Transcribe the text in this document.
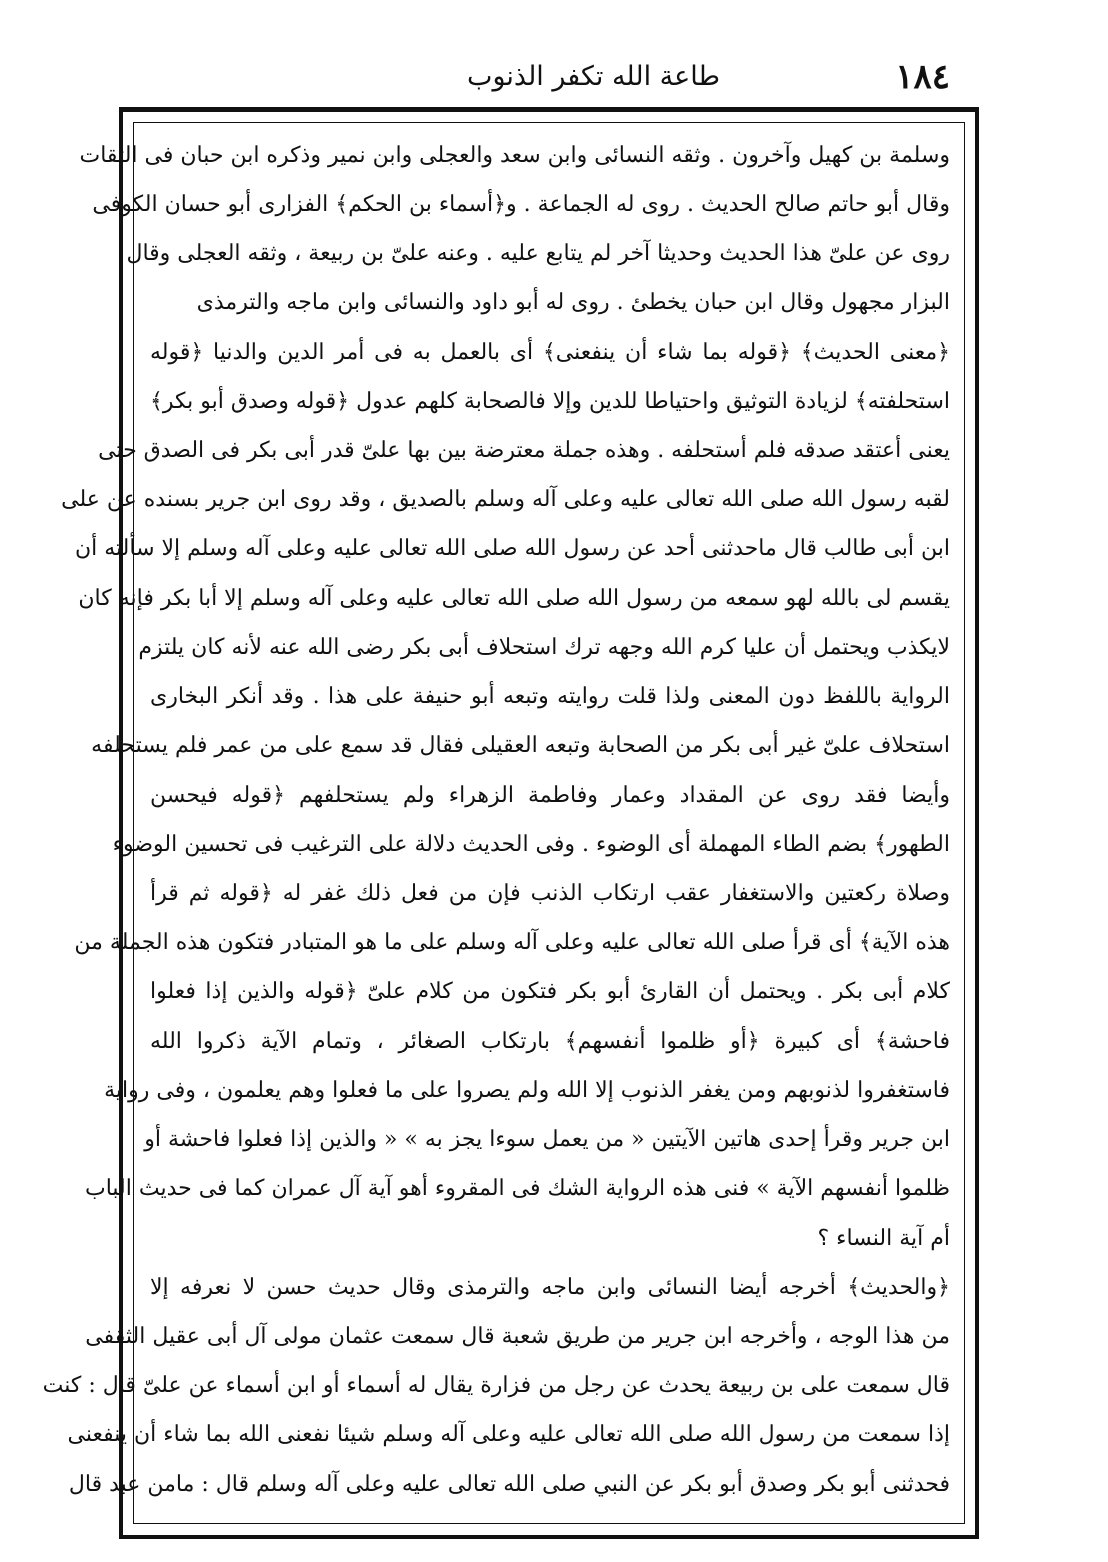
١٨٤
طاعة الله تكفر الذنوب
وسلمة بن كهيل وآخرون . وثقه النسائى وابن سعد والعجلى وابن نمير وذكره ابن حبان فى الثقات
وقال أبو حاتم صالح الحديث . روى له الجماعة . و﴿أسماء بن الحكم﴾ الفزارى أبو حسان الكوفى
روى عن علىّ هذا الحديث وحديثا آخر لم يتابع عليه . وعنه علىّ بن ربيعة ، وثقه العجلى وقال
البزار مجهول وقال ابن حبان يخطئ . روى له أبو داود والنسائى وابن ماجه والترمذى
﴿معنى الحديث﴾ ﴿قوله بما شاء أن ينفعنى﴾ أى بالعمل به فى أمر الدين والدنيا ﴿قوله
استحلفته﴾ لزيادة التوثيق واحتياطا للدين وإلا فالصحابة كلهم عدول ﴿قوله وصدق أبو بكر﴾
يعنى أعتقد صدقه فلم أستحلفه . وهذه جملة معترضة بين بها علىّ قدر أبى بكر فى الصدق حتى
لقبه رسول الله صلى الله تعالى عليه وعلى آله وسلم بالصديق ، وقد روى ابن جرير بسنده عن على
ابن أبى طالب قال ماحدثنى أحد عن رسول الله صلى الله تعالى عليه وعلى آله وسلم إلا سألته أن
يقسم لى بالله لهو سمعه من رسول الله صلى الله تعالى عليه وعلى آله وسلم إلا أبا بكر فإنه كان
لايكذب ويحتمل أن عليا كرم الله وجهه ترك استحلاف أبى بكر رضى الله عنه لأنه كان يلتزم
الرواية باللفظ دون المعنى ولذا قلت روايته وتبعه أبو حنيفة على هذا . وقد أنكر البخارى
استحلاف علىّ غير أبى بكر من الصحابة وتبعه العقيلى فقال قد سمع على من عمر فلم يستحلفه
وأيضا فقد روى عن المقداد وعمار وفاطمة الزهراء ولم يستحلفهم ﴿قوله فيحسن
الطهور﴾ بضم الطاء المهملة أى الوضوء . وفى الحديث دلالة على الترغيب فى تحسين الوضوء
وصلاة ركعتين والاستغفار عقب ارتكاب الذنب فإن من فعل ذلك غفر له ﴿قوله ثم قرأ
هذه الآية﴾ أى قرأ صلى الله تعالى عليه وعلى آله وسلم على ما هو المتبادر فتكون هذه الجملة من
كلام أبى بكر . ويحتمل أن القارئ أبو بكر فتكون من كلام علىّ ﴿قوله والذين إذا فعلوا
فاحشة﴾ أى كبيرة ﴿أو ظلموا أنفسهم﴾ بارتكاب الصغائر ، وتمام الآية ذكروا الله
فاستغفروا لذنوبهم ومن يغفر الذنوب إلا الله ولم يصروا على ما فعلوا وهم يعلمون ، وفى رواية
ابن جرير وقرأ إحدى هاتين الآيتين « من يعمل سوءا يجز به » « والذين إذا فعلوا فاحشة أو
ظلموا أنفسهم الآية » فنى هذه الرواية الشك فى المقروء أهو آية آل عمران كما فى حديث الباب
أم آية النساء ؟
﴿والحديث﴾ أخرجه أيضا النسائى وابن ماجه والترمذى وقال حديث حسن لا نعرفه إلا
من هذا الوجه ، وأخرجه ابن جرير من طريق شعبة قال سمعت عثمان مولى آل أبى عقيل الثقفى
قال سمعت على بن ربيعة يحدث عن رجل من فزارة يقال له أسماء أو ابن أسماء عن علىّ قال : كنت
إذا سمعت من رسول الله صلى الله تعالى عليه وعلى آله وسلم شيئا نفعنى الله بما شاء أن ينفعنى
فحدثنى أبو بكر وصدق أبو بكر عن النبي صلى الله تعالى عليه وعلى آله وسلم قال : مامن عبد قال
